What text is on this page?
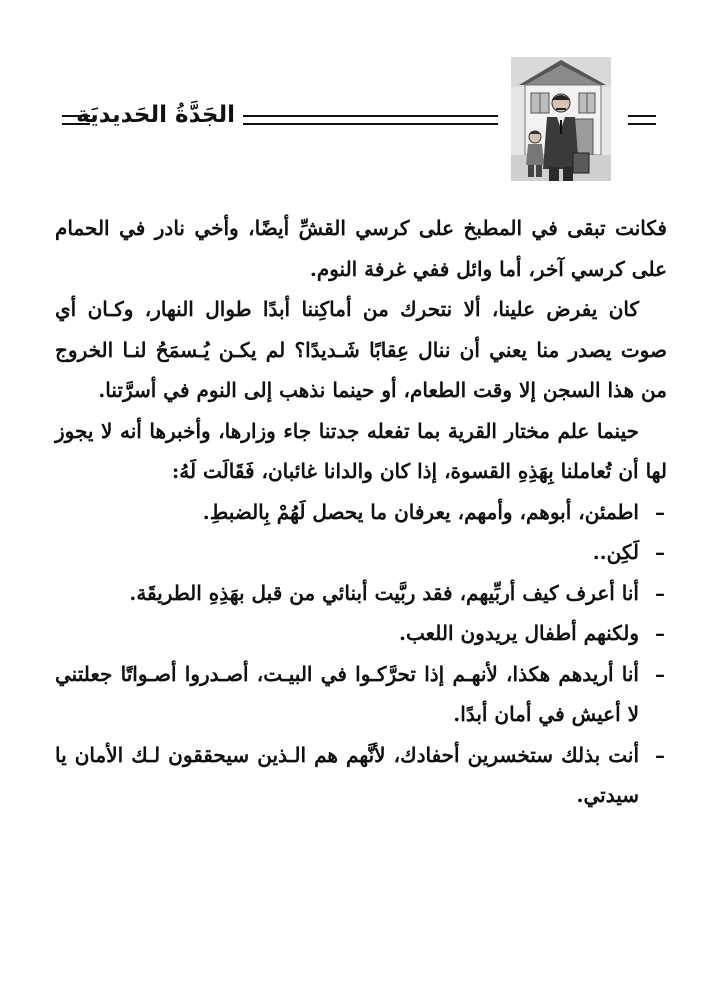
الجَدَّةُ الحَديديَة

فكانت تبقى في المطبخ على كرسي القشِّ أيضًا، وأخي نادر في الحمام على كرسي آخر، أما وائل ففي غرفة النوم.

كان يفرض علينا، ألا نتحرك من أماكِننا أبدًا طوال النهار، وكـان أي صوت يصدر منا يعني أن ننال عِقابًا شَـديدًا؟ لم يكـن يُـسمَحُ لنـا الخروج من هذا السجن إلا وقت الطعام، أو حينما نذهب إلى النوم في أسرَّتنا.

حينما علم مختار القرية بما تفعله جدتنا جاء وزارها، وأخبرها أنه لا يجوز لها أن تُعاملنا بِهَذِهِ القسوة، إذا كان والدانا غائبان، فَقَالَت لَهُ:

–
اطمئن، أبوهم، وأمهم، يعرفان ما يحصل لَهُمْ بِالضبطِ.
–
لَكِن..
–
أنا أعرف كيف أربِّيهم، فقد ربَّيت أبنائي من قبل بهَذِهِ الطريقَة.
–
ولكنهم أطفال يريدون اللعب.
–
أنا أريدهم هكذا، لأنهـم إذا تحرَّكـوا في البيـت، أصـدروا أصـواتًا جعلتني لا أعيش في أمان أبدًا.
–
أنت بذلك ستخسرين أحفادك، لأنَّهم هم الـذين سيحققون لـك الأمان يا سيدتي.
